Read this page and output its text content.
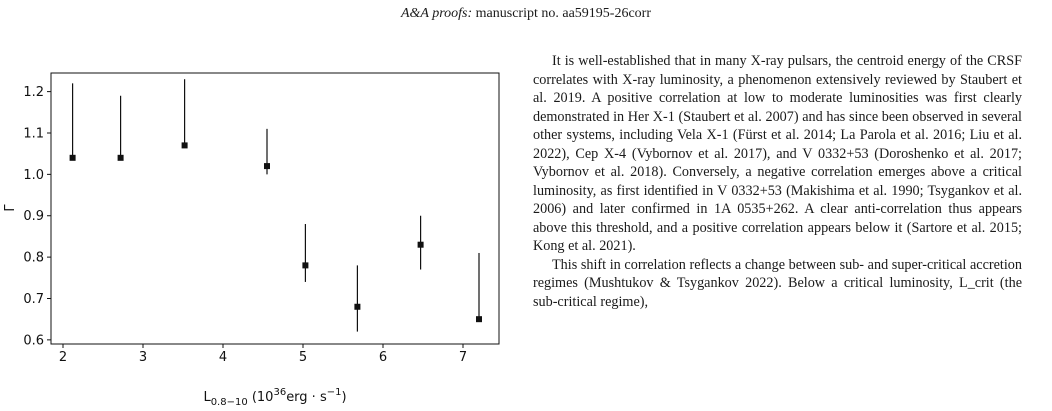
A&A proofs: manuscript no. aa59195-26corr
0.6
0.7
0.8
0.9
1.0
1.1
1.2
2	3	4	5	6	7
Γ
$L_{0.8-10}$ $(10^{36}erg \cdot s^{-1})$

It is well-established that in many X-ray pulsars, the centroid energy of the CRSF correlates with X-ray luminosity, a phenomenon extensively reviewed by Staubert et al. 2019. A positive correlation at low to moderate luminosities was first clearly demonstrated in Her X-1 (Staubert et al. 2007) and has since been observed in several other systems, including Vela X-1 (Fürst et al. 2014; La Parola et al. 2016; Liu et al. 2022), Cep X-4 (Vybornov et al. 2017), and V 0332+53 (Doroshenko et al. 2017; Vybornov et al. 2018). Conversely, a negative correlation emerges above a critical luminosity, as first identified in V 0332+53 (Makishima et al. 1990; Tsygankov et al. 2006) and later confirmed in 1A 0535+262. A clear anti-correlation thus appears above this threshold, and a positive correlation appears below it (Sartore et al. 2015; Kong et al. 2021).

This shift in correlation reflects a change between sub- and super-critical accretion regimes (Mushtukov & Tsygankov 2022). Below a critical luminosity, L_crit (the sub-critical regime),
